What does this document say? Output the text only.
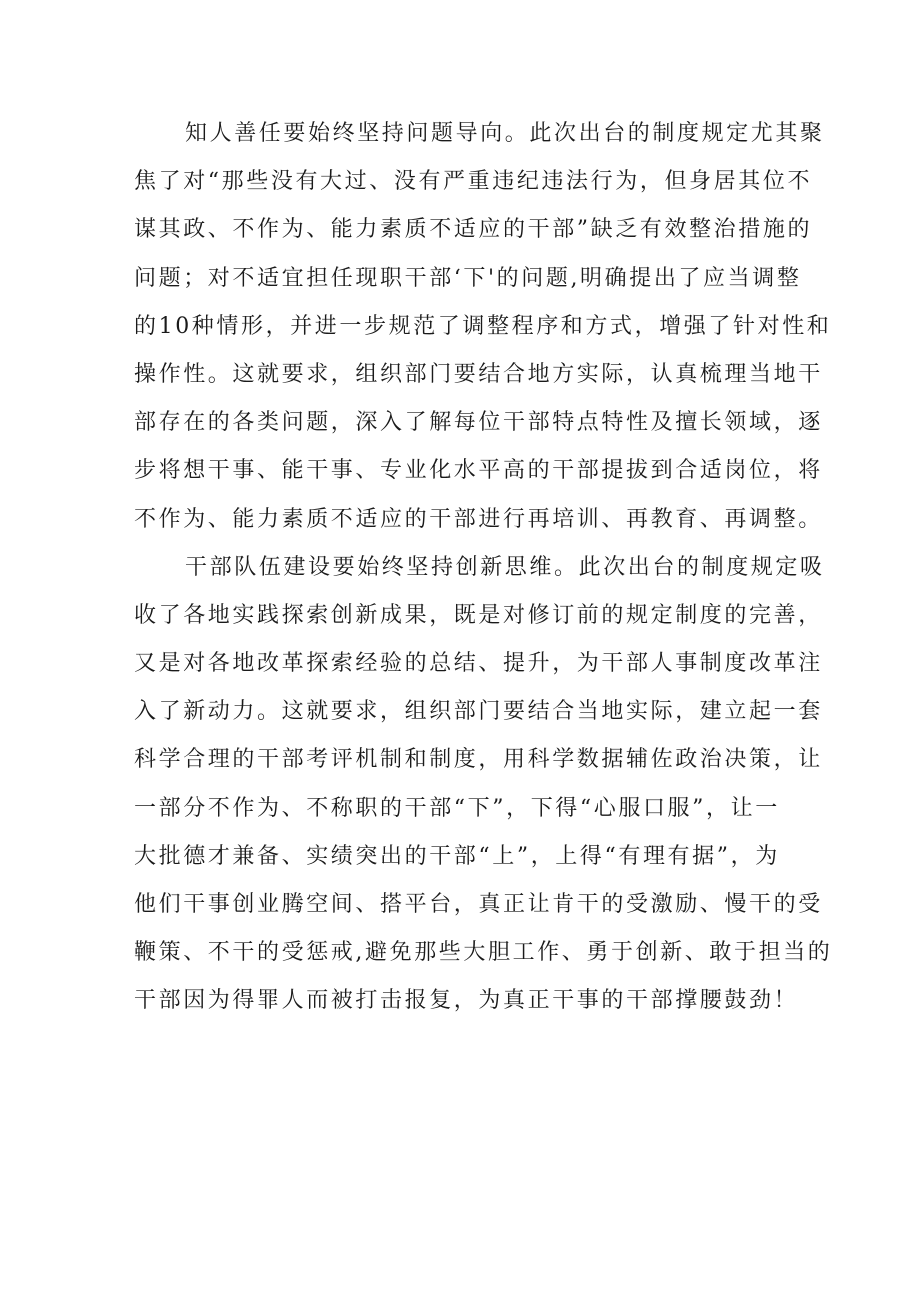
知人善任要始终坚持问题导向。此次出台的制度规定尤其聚
焦了对“那些没有大过、没有严重违纪违法行为，但身居其位不
谋其政、不作为、能力素质不适应的干部”缺乏有效整治措施的
问题；对不适宜担任现职干部‘下'的问题,明确提出了应当调整
的10种情形，并进一步规范了调整程序和方式，增强了针对性和
操作性。这就要求，组织部门要结合地方实际，认真梳理当地干
部存在的各类问题，深入了解每位干部特点特性及擅长领域，逐
步将想干事、能干事、专业化水平高的干部提拔到合适岗位，将
不作为、能力素质不适应的干部进行再培训、再教育、再调整。
干部队伍建设要始终坚持创新思维。此次出台的制度规定吸
收了各地实践探索创新成果，既是对修订前的规定制度的完善，
又是对各地改革探索经验的总结、提升，为干部人事制度改革注
入了新动力。这就要求，组织部门要结合当地实际，建立起一套
科学合理的干部考评机制和制度，用科学数据辅佐政治决策，让
一部分不作为、不称职的干部“下”，下得“心服口服”，让一
大批德才兼备、实绩突出的干部“上”，上得“有理有据”，为
他们干事创业腾空间、搭平台，真正让肯干的受激励、慢干的受
鞭策、不干的受惩戒,避免那些大胆工作、勇于创新、敢于担当的
干部因为得罪人而被打击报复，为真正干事的干部撑腰鼓劲！
